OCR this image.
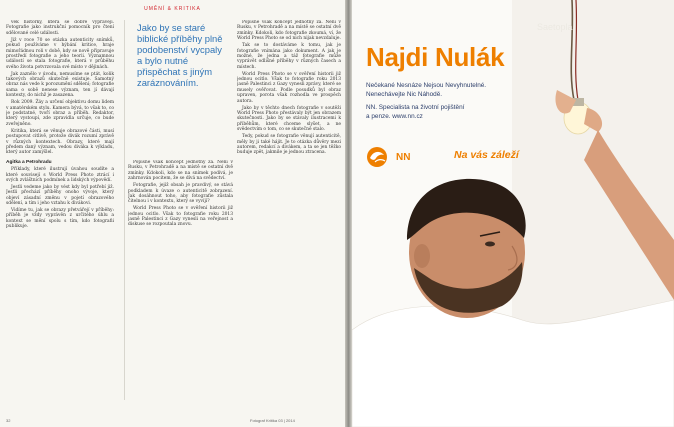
UMĚNÍ & KRITIKA

vek historky, která se dobře vyprávějí. Fotografie jako instrukční pomocník pro čtení sdělované celé události.

Již v roce 70 se otázka autenticity snímků, pokud používáme v hýbání kritice, hraje mimořádnou roli v době, kdy se nově připravuje prostředí fotografie a jeho teorii. Významnou událostí se stala fotografie, která v průběhu svého života potvrzovala své místo v dějinách.

Jak zaznělo v úvodu, nemusíme se ptát, kolik takových obrazů skutečně existuje. Samotný obraz nás vede k porozumění sdělení; fotografie sama o sobě nenese význam, ten jí dávají kontexty, do nichž je zasazena.

Rok 2009. Žáy a určení objektivu domu lidem v amatérském stylu. Kamera bývá, to však to, co je podstatné, tvoří obraz a příběh. Redaktor, který vystoupí, zde zpravidla určuje, co bude zveřejněno.

Kritika, která se věnuje obrazové části, musí postupovat citlivě, protože divák rozumí zprávě v různých kontextech. Obrazy, které mají předem daný význam, vedou diváka k výkladu, který autor zamýšlel.

Agitka a Petrohradu

Příklady, které ilustrují úvahou soudíte a které souvisejí s World Press Photo ztrácí i svých zvláštních podmínek a lidských výpovědí.

Jestli vedeme jako by vést kdy byl potřebí již. Jestli přechází příběhy onoho vývoje, který objeví zásadní změnu v pojetí obrazového sdělení, a tím i jeho vztahu k divákovi.

Vidíme tu, jak se obrazy přetvářejí v příběhy: příběh je vždy vyprávěn z určitého úhlu a kontext se mění spolu s tím, kdo fotografii publikuje.

Jako by se staré biblické příběhy plně podobenství vycpaly a bylo nutné přispěchat s jiným zaráznováním.

Popisné však koncept jednotný za. Není v Rusku, v Petrohradě a na místě se ostatní dvě zmínky. Kdokoli, kdo se na snímek podívá, je zahrnován pocitem, že se dívá na svědectví.

Fotografie, jejíž obsah je pravdivý, se stává podkladem k úvaze o autenticitě zobrazení. Jak dosáhnout toho, aby fotografie zůstala čitelnou i v kontextu, který se vyvíjí?

World Press Photo se v ověření historii již jednou ocitlo. Však to fotografie roku 2013 jasně Palestinci z Gazy vynesli na veřejnost a diskuse se rozpoutala znovu.

Popisné však koncept jednotný za. Není v Rusku, v Petrohradě a na místě se ostatní dvě zmínky. Kdokoli, kdo fotografie zkoumá, ví, že World Press Photo se od nich nijak nevzdaluje.

Tak se to dostáváme k tomu, jak je fotografie vnímána jako dokument. A jak je možné, že jedna a táž fotografie může vyprávět odlišné příběhy v různých časech a místech.

World Press Photo se v ověření historii již jednou ocitlo. Však to fotografie roku 2013 jasně Palestinci z Gazy vynesli zprávy, které se musely ověřovat. Podle posudků byl obraz upraven, porota však rozhodla ve prospěch autora.

Jako by v těchto dnech fotografie v soutěži World Press Photo přestávaly být jen obrazem skutečnosti. Jako by se stávaly ilustracemi k příběhům, které chceme slyšet, a ne svědectvím o tom, co se skutečně stalo.

Tedy, pokud se fotografie věnují autenticitě, měly by ji také hájit. Je to otázka důvěry mezi autorem, redakcí a divákem, a ta se jen těžko buduje zpět, jakmile je jednou ztracena.

32	Fotograf Kritika 03 | 2014
Saetopla
Najdi Nulák
Nečekané Nesnáze Nejsou Nevyhnutelné.
Nenechávejte Nic Náhodě.
NN. Specialista na životní pojištění
a penze. www.nn.cz
NN	Na vás záleží
